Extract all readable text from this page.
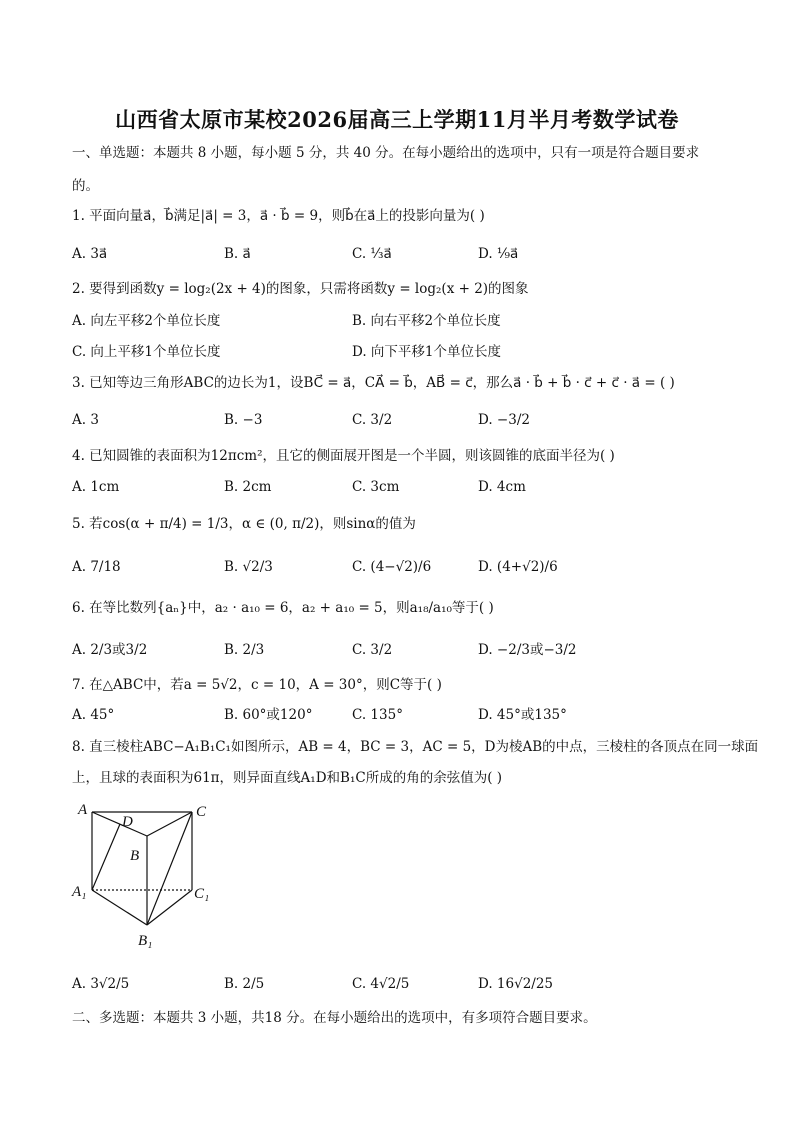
山西省太原市某校2026届高三上学期11月半月考数学试卷
一、单选题：本题共 8 小题，每小题 5 分，共 40 分。在每小题给出的选项中，只有一项是符合题目要求
的。
1. 平面向量a⃗，b⃗满足|a⃗| = 3，a⃗ · b⃗ = 9，则b⃗在a⃗上的投影向量为( )
A. 3a⃗	B. a⃗	C. ⅓a⃗	D. ⅑a⃗
2. 要得到函数y = log₂(2x + 4)的图象，只需将函数y = log₂(x + 2)的图象
A. 向左平移2个单位长度	B. 向右平移2个单位长度
C. 向上平移1个单位长度	D. 向下平移1个单位长度
3. 已知等边三角形ABC的边长为1，设BC⃗ = a⃗，CA⃗ = b⃗，AB⃗ = c⃗，那么a⃗ · b⃗ + b⃗ · c⃗ + c⃗ · a⃗ = ( )
A. 3	B. −3	C. 3/2	D. −3/2
4. 已知圆锥的表面积为12πcm²，且它的侧面展开图是一个半圆，则该圆锥的底面半径为( )
A. 1cm	B. 2cm	C. 3cm	D. 4cm
5. 若cos(α + π/4) = 1/3，α ∈ (0, π/2)，则sinα的值为
A. 7/18	B. √2/3	C. (4−√2)/6	D. (4+√2)/6
6. 在等比数列{aₙ}中，a₂ · a₁₀ = 6，a₂ + a₁₀ = 5，则a₁₈/a₁₀等于( )
A. 2/3或3/2	B. 2/3	C. 3/2	D. −2/3或−3/2
7. 在△ABC中，若a = 5√2，c = 10，A = 30°，则C等于( )
A. 45°	B. 60°或120°	C. 135°	D. 45°或135°
8. 直三棱柱ABC−A₁B₁C₁如图所示，AB = 4，BC = 3，AC = 5，D为棱AB的中点，三棱柱的各顶点在同一球面
上，且球的表面积为61π，则异面直线A₁D和B₁C所成的角的余弦值为( )
A
D
C
B
A₁	C₁
B₁
A. 3√2/5	B. 2/5	C. 4√2/5	D. 16√2/25
二、多选题：本题共 3 小题，共18 分。在每小题给出的选项中，有多项符合题目要求。
